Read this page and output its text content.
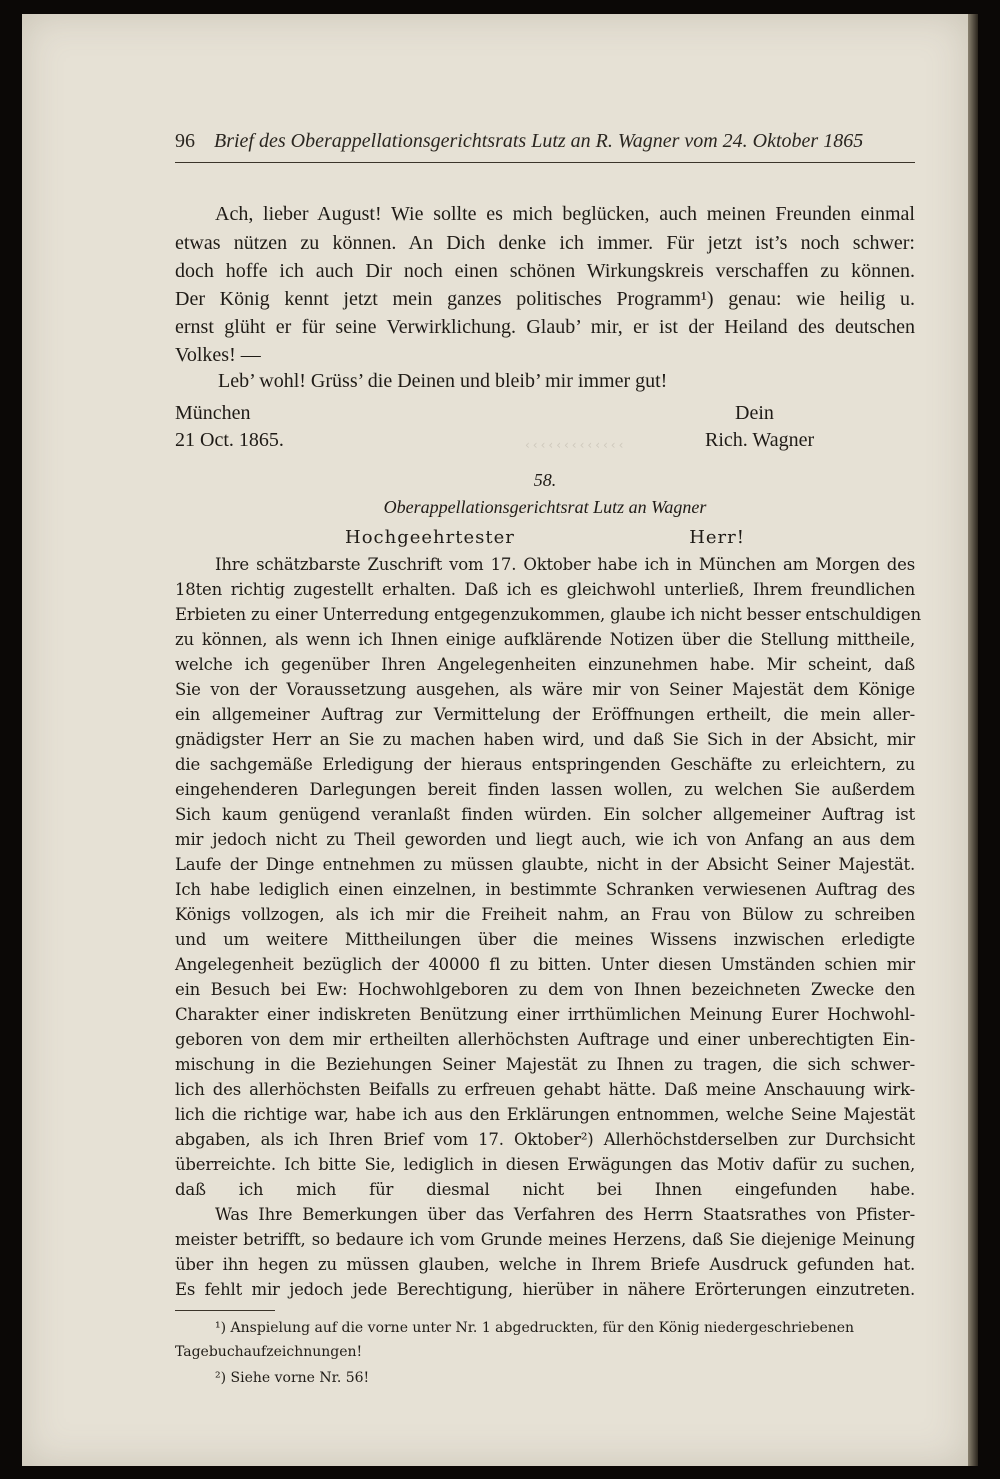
96 Brief des Oberappellationsgerichtsrats Lutz an R. Wagner vom 24. Oktober 1865
Ach, lieber August! Wie sollte es mich beglücken, auch meinen Freunden einmal
etwas nützen zu können. An Dich denke ich immer. Für jetzt ist’s noch schwer:
doch hoffe ich auch Dir noch einen schönen Wirkungskreis verschaffen zu können.
Der König kennt jetzt mein ganzes politisches Programm¹) genau: wie heilig u.
ernst glüht er für seine Verwirklichung. Glaub’ mir, er ist der Heiland des deutschen
Volkes! —
Leb’ wohl! Grüss’ die Deinen und bleib’ mir immer gut!
München	Dein
21 Oct. 1865.	‹‹‹‹‹‹‹‹‹‹‹‹‹	Rich. Wagner
58.
Oberappellationsgerichtsrat Lutz an Wagner
Hochgeehrtester Herr!
Ihre schätzbarste Zuschrift vom 17. Oktober habe ich in München am Morgen des
18ten richtig zugestellt erhalten. Daß ich es gleichwohl unterließ, Ihrem freundlichen
Erbieten zu einer Unterredung entgegenzukommen, glaube ich nicht besser entschuldigen
zu können, als wenn ich Ihnen einige aufklärende Notizen über die Stellung mittheile,
welche ich gegenüber Ihren Angelegenheiten einzunehmen habe. Mir scheint, daß
Sie von der Voraussetzung ausgehen, als wäre mir von Seiner Majestät dem Könige
ein allgemeiner Auftrag zur Vermittelung der Eröffnungen ertheilt, die mein aller-
gnädigster Herr an Sie zu machen haben wird, und daß Sie Sich in der Absicht, mir
die sachgemäße Erledigung der hieraus entspringenden Geschäfte zu erleichtern, zu
eingehenderen Darlegungen bereit finden lassen wollen, zu welchen Sie außerdem
Sich kaum genügend veranlaßt finden würden. Ein solcher allgemeiner Auftrag ist
mir jedoch nicht zu Theil geworden und liegt auch, wie ich von Anfang an aus dem
Laufe der Dinge entnehmen zu müssen glaubte, nicht in der Absicht Seiner Majestät.
Ich habe lediglich einen einzelnen, in bestimmte Schranken verwiesenen Auftrag des
Königs vollzogen, als ich mir die Freiheit nahm, an Frau von Bülow zu schreiben
und um weitere Mittheilungen über die meines Wissens inzwischen erledigte
Angelegenheit bezüglich der 40000 fl zu bitten. Unter diesen Umständen schien mir
ein Besuch bei Ew: Hochwohlgeboren zu dem von Ihnen bezeichneten Zwecke den
Charakter einer indiskreten Benützung einer irrthümlichen Meinung Eurer Hochwohl-
geboren von dem mir ertheilten allerhöchsten Auftrage und einer unberechtigten Ein-
mischung in die Beziehungen Seiner Majestät zu Ihnen zu tragen, die sich schwer-
lich des allerhöchsten Beifalls zu erfreuen gehabt hätte. Daß meine Anschauung wirk-
lich die richtige war, habe ich aus den Erklärungen entnommen, welche Seine Majestät
abgaben, als ich Ihren Brief vom 17. Oktober²) Allerhöchstderselben zur Durchsicht
überreichte. Ich bitte Sie, lediglich in diesen Erwägungen das Motiv dafür zu suchen,
daß ich mich für diesmal nicht bei Ihnen eingefunden habe.
Was Ihre Bemerkungen über das Verfahren des Herrn Staatsrathes von Pfister-
meister betrifft, so bedaure ich vom Grunde meines Herzens, daß Sie diejenige Meinung
über ihn hegen zu müssen glauben, welche in Ihrem Briefe Ausdruck gefunden hat.
Es fehlt mir jedoch jede Berechtigung, hierüber in nähere Erörterungen einzutreten.
¹) Anspielung auf die vorne unter Nr. 1 abgedruckten, für den König niedergeschriebenen
Tagebuchaufzeichnungen!
²) Siehe vorne Nr. 56!
